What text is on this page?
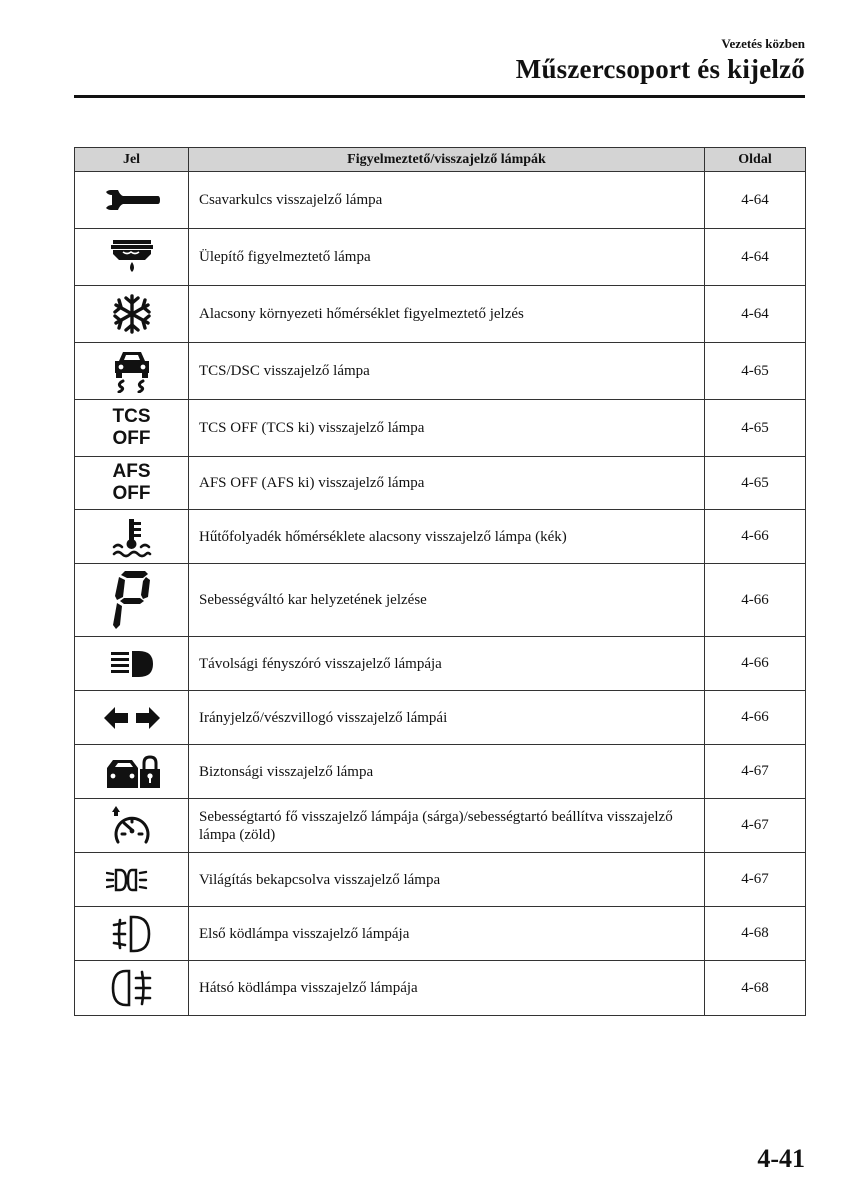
Vezetés közben
Műszercsoport és kijelző
Jel	Figyelmeztető/visszajelző lámpák	Oldal

	Csavarkulcs visszajelző lámpa	4-64

	Ülepítő figyelmeztető lámpa	4-64

	Alacsony környezeti hőmérséklet figyelmeztető jelzés	4-64

	TCS/DSC visszajelző lámpa	4-65

TCS
OFF	TCS OFF (TCS ki) visszajelző lámpa	4-65

AFS
OFF	AFS OFF (AFS ki) visszajelző lámpa	4-65

	Hűtőfolyadék hőmérséklete alacsony visszajelző lámpa (kék)	4-66

	Sebességváltó kar helyzetének jelzése	4-66

	Távolsági fényszóró visszajelző lámpája	4-66

	Irányjelző/vészvillogó visszajelző lámpái	4-66

	Biztonsági visszajelző lámpa	4-67

	Sebességtartó fő visszajelző lámpája (sárga)/sebességtartó beállítva visszajelző lámpa (zöld)	4-67

	Világítás bekapcsolva visszajelző lámpa	4-67

	Első ködlámpa visszajelző lámpája	4-68

	Hátsó ködlámpa visszajelző lámpája	4-68
4-41
